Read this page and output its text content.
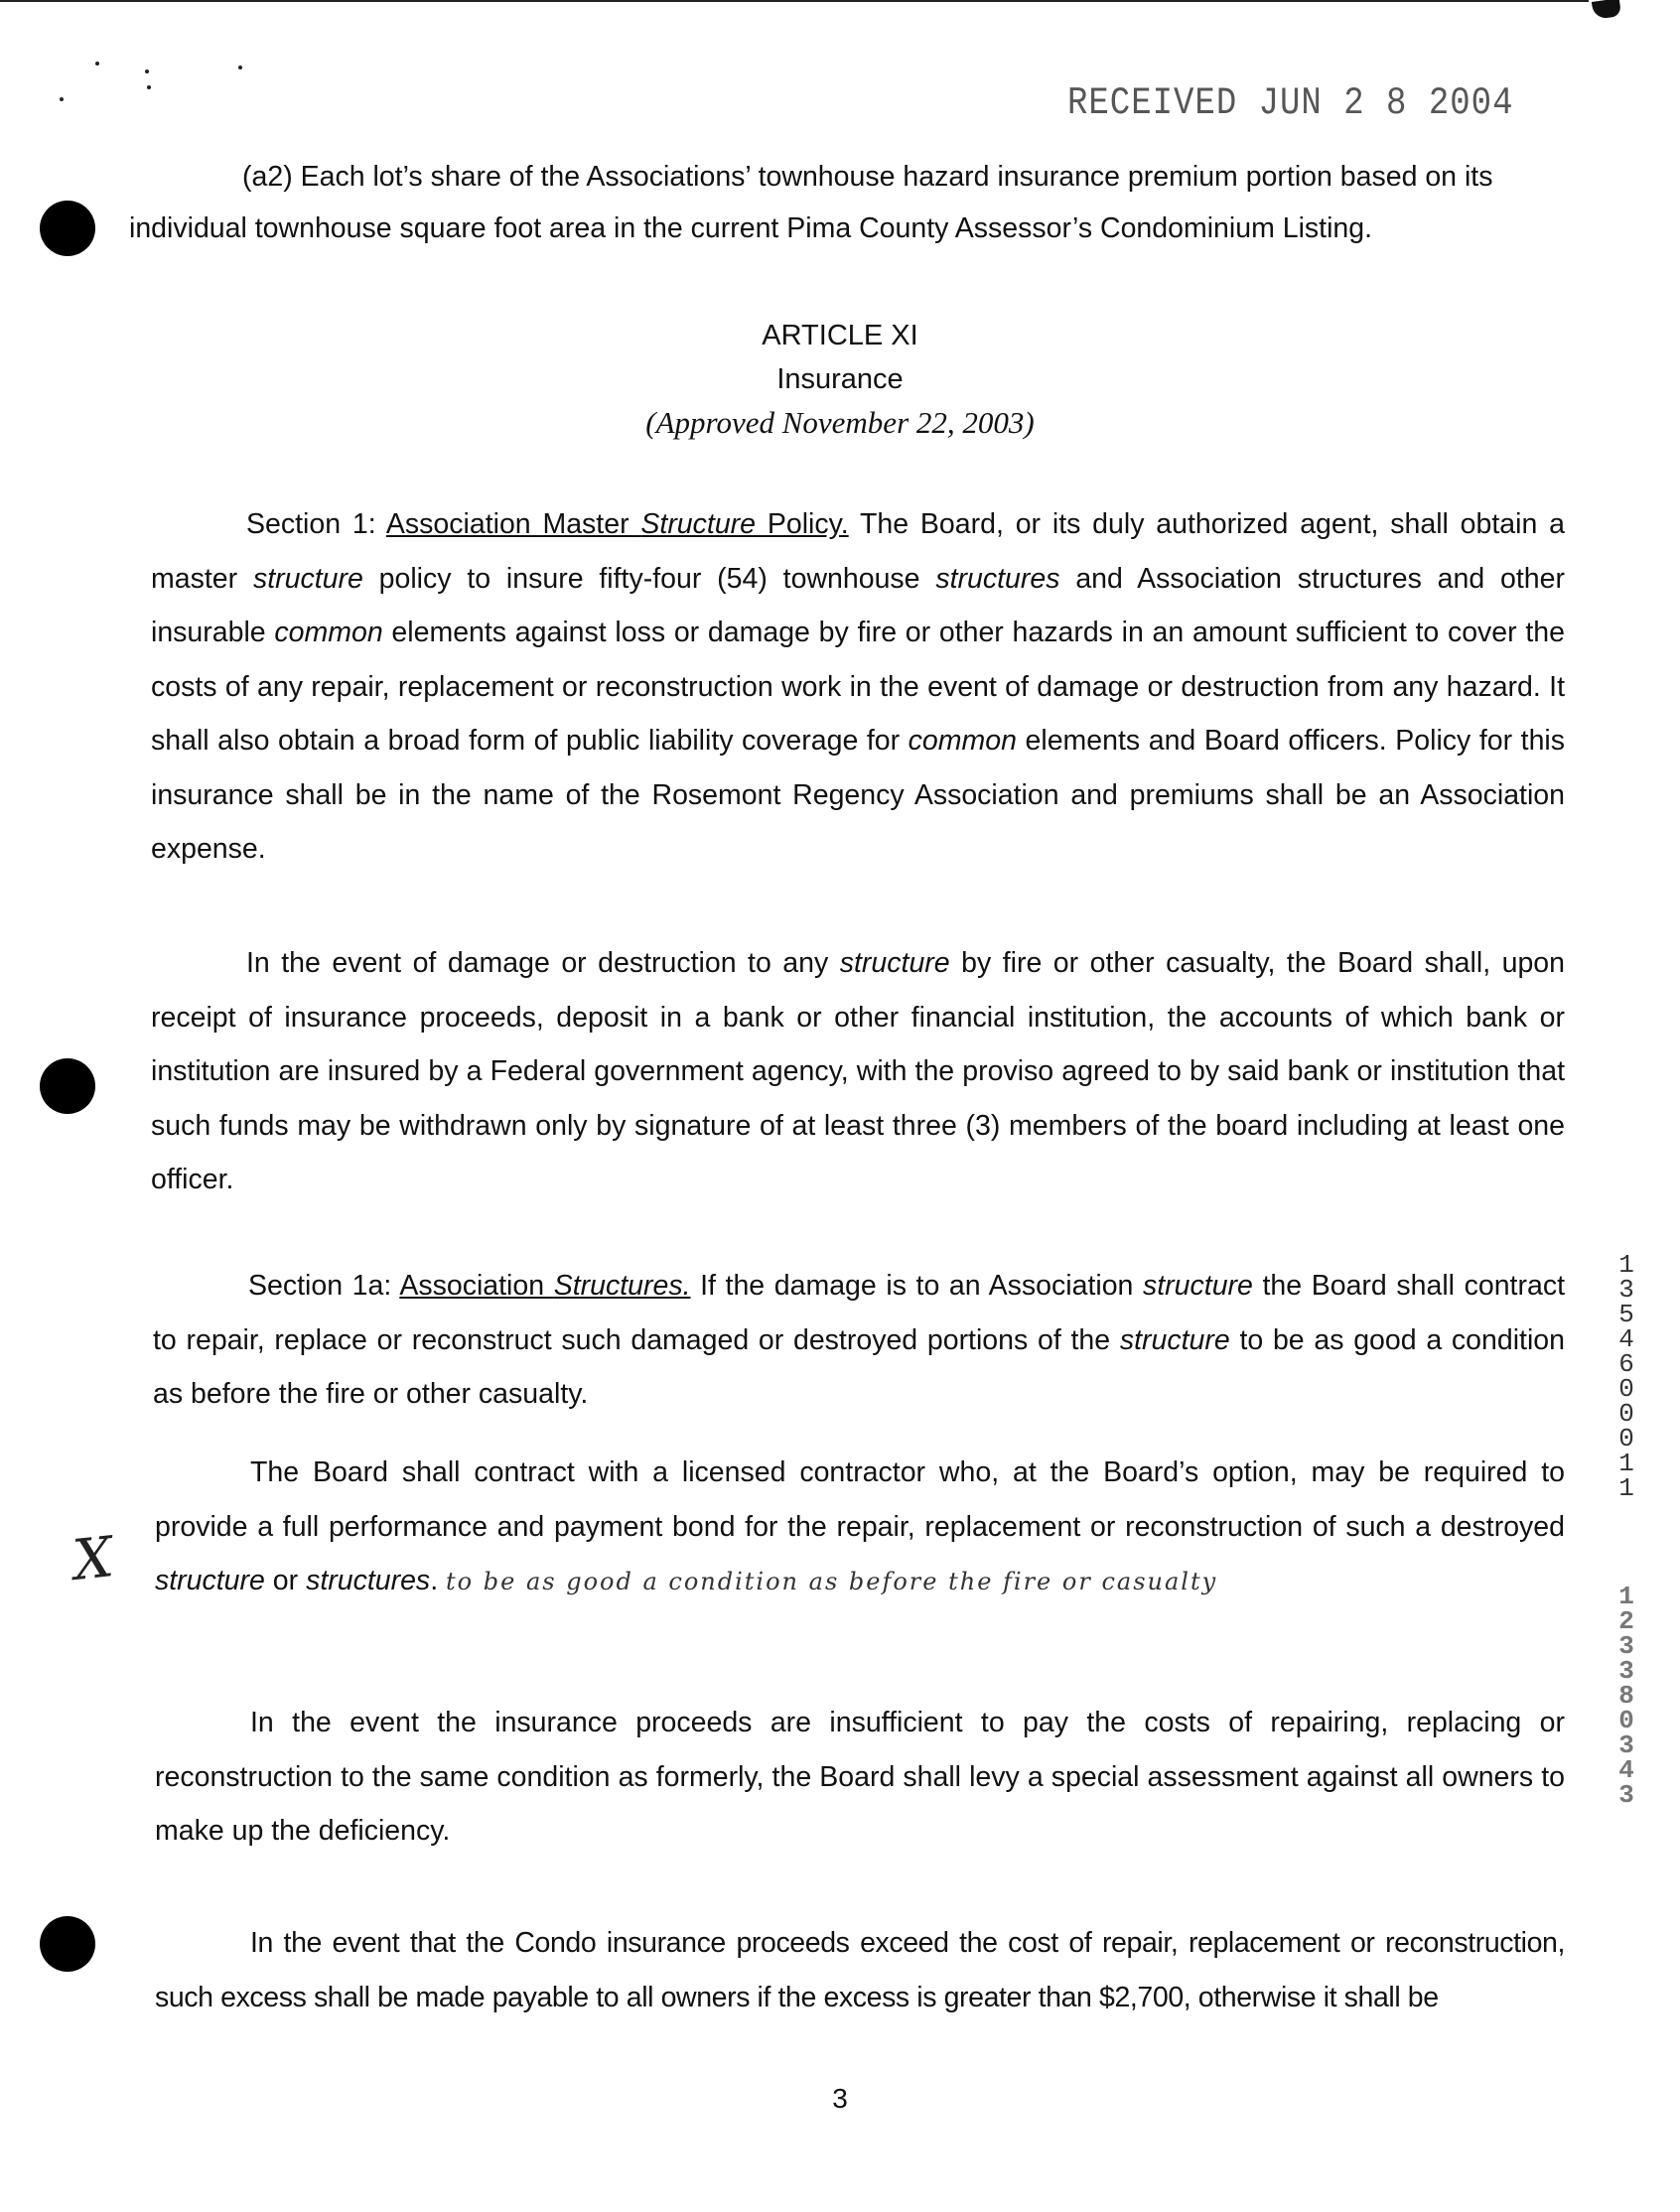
RECEIVED JUN 2 8 2004
(a2) Each lot’s share of the Associations’ townhouse hazard insurance premium portion based on its
individual townhouse square foot area in the current Pima County Assessor’s Condominium Listing.
ARTICLE XI
Insurance
(Approved November 22, 2003)
Section 1: Association Master Structure Policy. The Board, or its duly authorized agent, shall obtain a master structure policy to insure fifty-four (54) townhouse structures and Association structures and other insurable common elements against loss or damage by fire or other hazards in an amount sufficient to cover the costs of any repair, replacement or reconstruction work in the event of damage or destruction from any hazard. It shall also obtain a broad form of public liability coverage for common elements and Board officers. Policy for this insurance shall be in the name of the Rosemont Regency Association and premiums shall be an Association expense.
In the event of damage or destruction to any structure by fire or other casualty, the Board shall, upon receipt of insurance proceeds, deposit in a bank or other financial institution, the accounts of which bank or institution are insured by a Federal government agency, with the proviso agreed to by said bank or institution that such funds may be withdrawn only by signature of at least three (3) members of the board including at least one officer.
Section 1a: Association Structures. If the damage is to an Association structure the Board shall contract to repair, replace or reconstruct such damaged or destroyed portions of the structure to be as good a condition as before the fire or other casualty.
X
The Board shall contract with a licensed contractor who, at the Board’s option, may be required to provide a full performance and payment bond for the repair, replacement or reconstruction of such a destroyed structure or structures. to be as good a condition as before the fire or casualty
In the event the insurance proceeds are insufficient to pay the costs of repairing, replacing or reconstruction to the same condition as formerly, the Board shall levy a special assessment against all owners to make up the deficiency.
In the event that the Condo insurance proceeds exceed the cost of repair, replacement or reconstruction, such excess shall be made payable to all owners if the excess is greater than $2,700, otherwise it shall be
13546 00011
12338 0343
3
